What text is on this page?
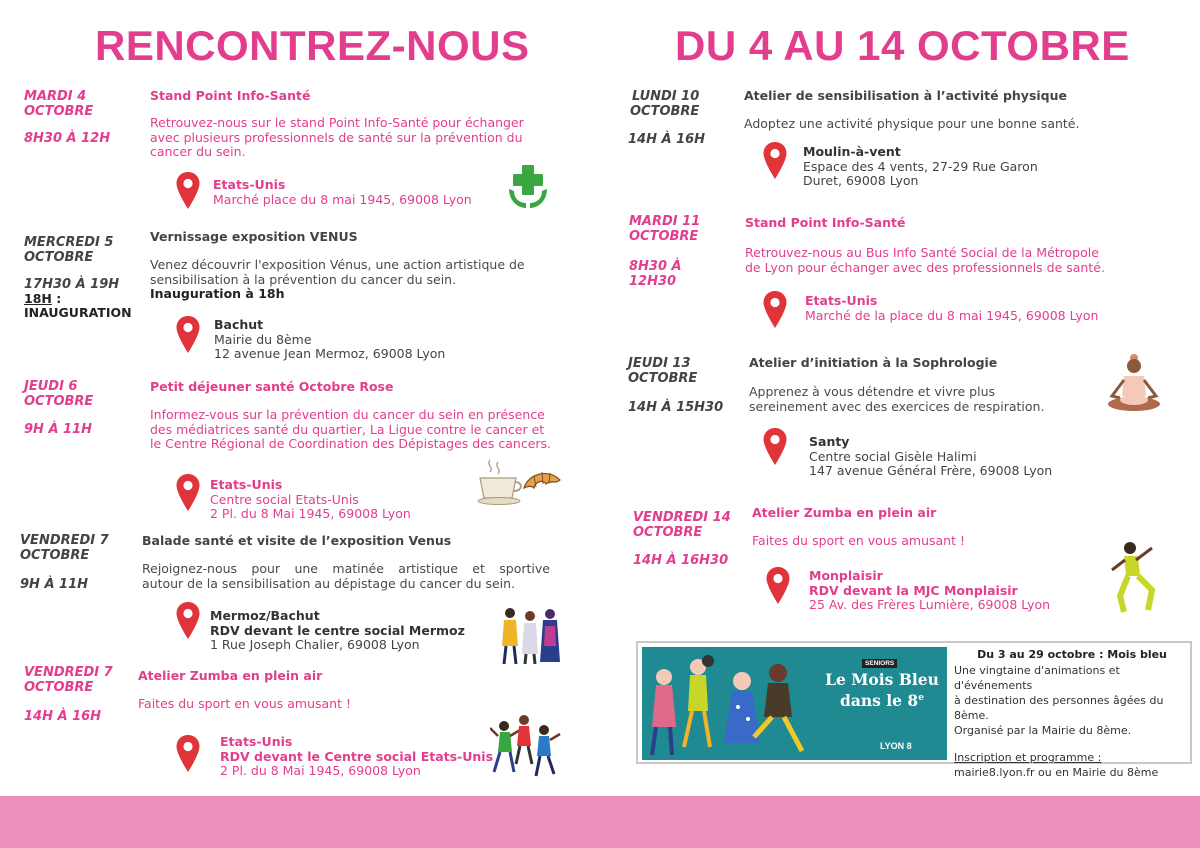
RENCONTREZ-NOUS	DU 4 AU 14 OCTOBRE
MARDI 4
OCTOBRE
8H30 À 12H
Stand Point Info-Santé
Retrouvez-nous sur le stand Point Info-Santé pour échanger
avec plusieurs professionnels de santé sur la prévention du
cancer du sein.
Etats-Unis
Marché place du 8 mai 1945, 69008 Lyon
MERCREDI 5
OCTOBRE
17H30 À 19H
18H :
INAUGURATION
Vernissage exposition VENUS
Venez découvrir l'exposition Vénus, une action artistique de
sensibilisation à la prévention du cancer du sein.
Inauguration à 18h
Bachut
Mairie du 8ème
12 avenue Jean Mermoz, 69008 Lyon
JEUDI 6
OCTOBRE
9H À 11H
Petit déjeuner santé Octobre Rose
Informez-vous sur la prévention du cancer du sein en présence
des médiatrices santé du quartier, La Ligue contre le cancer et
le Centre Régional de Coordination des Dépistages des cancers.
Etats-Unis
Centre social Etats-Unis
2 Pl. du 8 Mai 1945, 69008 Lyon
VENDREDI 7
OCTOBRE
9H À 11H
Balade santé et visite de l’exposition Venus
Rejoignez-nous pour une matinée artistique et sportive
autour de la sensibilisation au dépistage du cancer du sein.
Mermoz/Bachut
RDV devant le centre social Mermoz
1 Rue Joseph Chalier, 69008 Lyon
VENDREDI 7
OCTOBRE
14H À 16H
Atelier Zumba en plein air
Faites du sport en vous amusant !
Etats-Unis
RDV devant le Centre social Etats-Unis
2 Pl. du 8 Mai 1945, 69008 Lyon
LUNDI 10
OCTOBRE
14H À 16H
Atelier de sensibilisation à l’activité physique
Adoptez une activité physique pour une bonne santé.
Moulin-à-vent
Espace des 4 vents, 27-29 Rue Garon
Duret, 69008 Lyon
MARDI 11
OCTOBRE
8H30 À
12H30
Stand Point Info-Santé
Retrouvez-nous au Bus Info Santé Social de la Métropole
de Lyon pour échanger avec des professionnels de santé.
Etats-Unis
Marché de la place du 8 mai 1945, 69008 Lyon
JEUDI 13
OCTOBRE
14H À 15H30
Atelier d’initiation à la Sophrologie
Apprenez à vous détendre et vivre plus
sereinement avec des exercices de respiration.
Santy
Centre social Gisèle Halimi
147 avenue Général Frère, 69008 Lyon
VENDREDI 14
OCTOBRE
14H À 16H30
Atelier Zumba en plein air
Faites du sport en vous amusant !
Monplaisir
RDV devant la MJC Monplaisir
25 Av. des Frères Lumière, 69008 Lyon
SENIORS
Le Mois Bleu
dans le 8e
LYON 8
Du 3 au 29 octobre : Mois bleu
Une vingtaine d'animations et d'événements
à destination des personnes âgées du 8ème.
Organisé par la Mairie du 8ème.
Inscription et programme :
mairie8.lyon.fr ou en Mairie du 8ème
